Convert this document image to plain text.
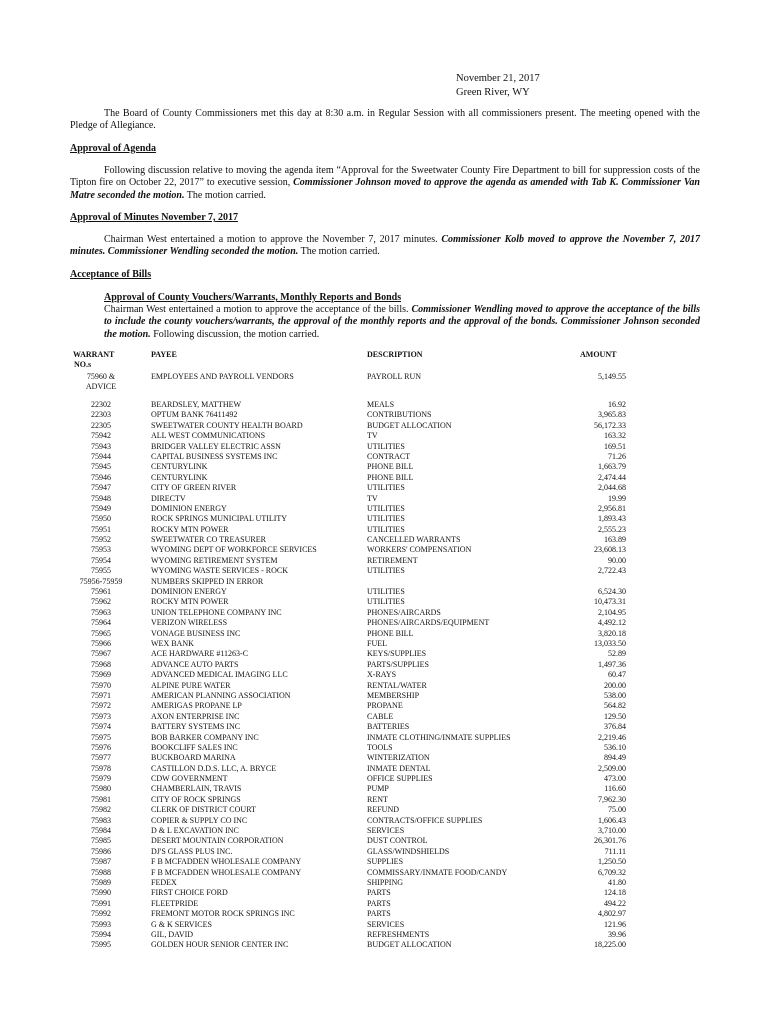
November 21, 2017
Green River, WY
The Board of County Commissioners met this day at 8:30 a.m. in Regular Session with all commissioners present. The meeting opened with the Pledge of Allegiance.
Approval of Agenda
Following discussion relative to moving the agenda item “Approval for the Sweetwater County Fire Department to bill for suppression costs of the Tipton fire on October 22, 2017” to executive session, Commissioner Johnson moved to approve the agenda as amended with Tab K. Commissioner Van Matre seconded the motion. The motion carried.
Approval of Minutes November 7, 2017
Chairman West entertained a motion to approve the November 7, 2017 minutes. Commissioner Kolb moved to approve the November 7, 2017 minutes. Commissioner Wendling seconded the motion. The motion carried.
Acceptance of Bills
Approval of County Vouchers/Warrants, Monthly Reports and Bonds
Chairman West entertained a motion to approve the acceptance of the bills. Commissioner Wendling moved to approve the acceptance of the bills to include the county vouchers/warrants, the approval of the monthly reports and the approval of the bonds. Commissioner Johnson seconded the motion. Following discussion, the motion carried.
WARRANT
NO.s
PAYEE	DESCRIPTION	AMOUNT
75960 &
ADVICE
EMPLOYEES AND PAYROLL VENDORS	PAYROLL RUN	5,149.55
22302	BEARDSLEY, MATTHEW	MEALS	16.92
22303	OPTUM BANK 76411492	CONTRIBUTIONS	3,965.83
22305	SWEETWATER COUNTY HEALTH BOARD	BUDGET ALLOCATION	56,172.33
75942	ALL WEST COMMUNICATIONS	TV	163.32
75943	BRIDGER VALLEY ELECTRIC ASSN	UTILITIES	169.51
75944	CAPITAL BUSINESS SYSTEMS INC	CONTRACT	71.26
75945	CENTURYLINK	PHONE BILL	1,663.79
75946	CENTURYLINK	PHONE BILL	2,474.44
75947	CITY OF GREEN RIVER	UTILITIES	2,044.68
75948	DIRECTV	TV	19.99
75949	DOMINION ENERGY	UTILITIES	2,956.81
75950	ROCK SPRINGS MUNICIPAL UTILITY	UTILITIES	1,893.43
75951	ROCKY MTN POWER	UTILITIES	2,555.23
75952	SWEETWATER CO TREASURER	CANCELLED WARRANTS	163.89
75953	WYOMING DEPT OF WORKFORCE SERVICES	WORKERS' COMPENSATION	23,608.13
75954	WYOMING RETIREMENT SYSTEM	RETIREMENT	90.00
75955	WYOMING WASTE SERVICES - ROCK	UTILITIES	2,722.43
75956-75959	NUMBERS SKIPPED IN ERROR
75961	DOMINION ENERGY	UTILITIES	6,524.30
75962	ROCKY MTN POWER	UTILITIES	10,473.31
75963	UNION TELEPHONE COMPANY INC	PHONES/AIRCARDS	2,104.95
75964	VERIZON WIRELESS	PHONES/AIRCARDS/EQUIPMENT	4,492.12
75965	VONAGE BUSINESS INC	PHONE BILL	3,820.18
75966	WEX BANK	FUEL	13,033.50
75967	ACE HARDWARE #11263-C	KEYS/SUPPLIES	52.89
75968	ADVANCE AUTO PARTS	PARTS/SUPPLIES	1,497.36
75969	ADVANCED MEDICAL IMAGING LLC	X-RAYS	60.47
75970	ALPINE PURE WATER	RENTAL/WATER	200.00
75971	AMERICAN PLANNING ASSOCIATION	MEMBERSHIP	538.00
75972	AMERIGAS PROPANE LP	PROPANE	564.82
75973	AXON ENTERPRISE INC	CABLE	129.50
75974	BATTERY SYSTEMS INC	BATTERIES	376.84
75975	BOB BARKER COMPANY INC	INMATE CLOTHING/INMATE SUPPLIES	2,219.46
75976	BOOKCLIFF SALES INC	TOOLS	536.10
75977	BUCKBOARD MARINA	WINTERIZATION	894.49
75978	CASTILLON D.D.S. LLC, A. BRYCE	INMATE DENTAL	2,509.00
75979	CDW GOVERNMENT	OFFICE SUPPLIES	473.00
75980	CHAMBERLAIN, TRAVIS	PUMP	116.60
75981	CITY OF ROCK SPRINGS	RENT	7,962.30
75982	CLERK OF DISTRICT COURT	REFUND	75.00
75983	COPIER & SUPPLY CO INC	CONTRACTS/OFFICE SUPPLIES	1,606.43
75984	D & L EXCAVATION INC	SERVICES	3,710.00
75985	DESERT MOUNTAIN CORPORATION	DUST CONTROL	26,301.76
75986	DJ'S GLASS PLUS INC.	GLASS/WINDSHIELDS	711.11
75987	F B MCFADDEN WHOLESALE COMPANY	SUPPLIES	1,250.50
75988	F B MCFADDEN WHOLESALE COMPANY	COMMISSARY/INMATE FOOD/CANDY	6,709.32
75989	FEDEX	SHIPPING	41.80
75990	FIRST CHOICE FORD	PARTS	124.18
75991	FLEETPRIDE	PARTS	494.22
75992	FREMONT MOTOR ROCK SPRINGS INC	PARTS	4,802.97
75993	G & K SERVICES	SERVICES	121.96
75994	GIL, DAVID	REFRESHMENTS	39.96
75995	GOLDEN HOUR SENIOR CENTER INC	BUDGET ALLOCATION	18,225.00
